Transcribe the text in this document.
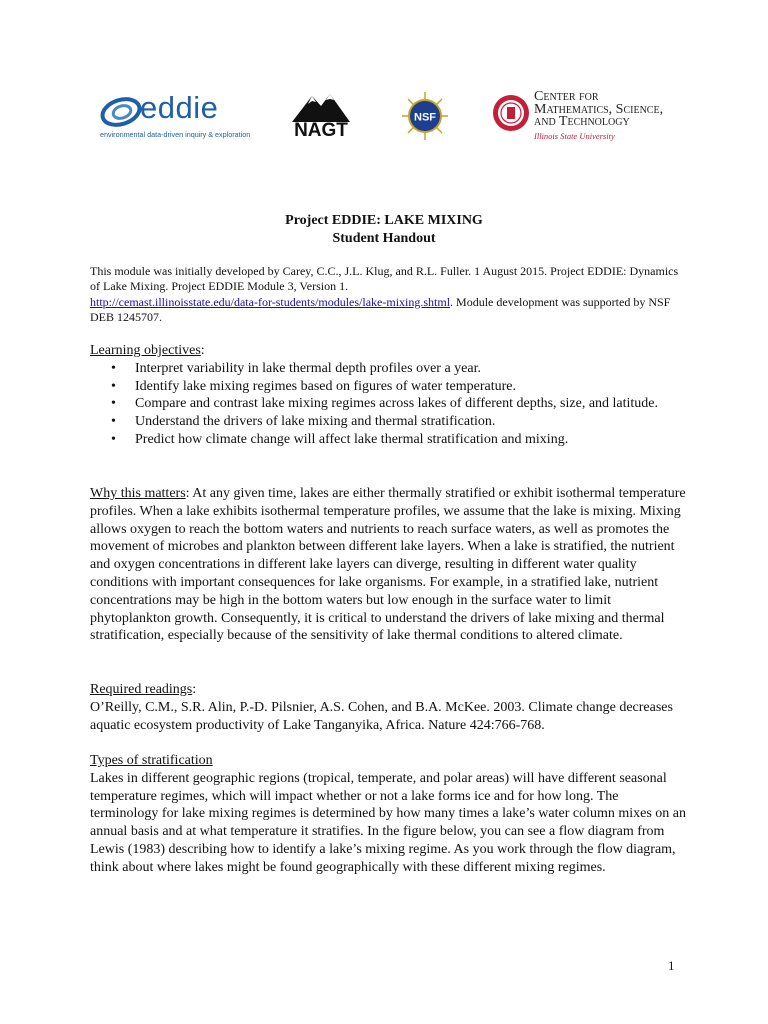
eddie
environmental data-driven inquiry & exploration	NAGT
NSF
Center for
Mathematics, Science,
and Technology
Illinois State University
Project EDDIE: LAKE MIXING
Student Handout
This module was initially developed by Carey, C.C., J.L. Klug, and R.L. Fuller. 1 August 2015. Project EDDIE: Dynamics of Lake Mixing. Project EDDIE Module 3, Version 1.
http://cemast.illinoisstate.edu/data-for-students/modules/lake-mixing.shtml. Module development was supported by NSF DEB 1245707.
Learning objectives:
• Interpret variability in lake thermal depth profiles over a year.
• Identify lake mixing regimes based on figures of water temperature.
• Compare and contrast lake mixing regimes across lakes of different depths, size, and latitude.
• Understand the drivers of lake mixing and thermal stratification.
• Predict how climate change will affect lake thermal stratification and mixing.
Why this matters: At any given time, lakes are either thermally stratified or exhibit isothermal temperature profiles. When a lake exhibits isothermal temperature profiles, we assume that the lake is mixing. Mixing allows oxygen to reach the bottom waters and nutrients to reach surface waters, as well as promotes the movement of microbes and plankton between different lake layers. When a lake is stratified, the nutrient and oxygen concentrations in different lake layers can diverge, resulting in different water quality conditions with important consequences for lake organisms. For example, in a stratified lake, nutrient concentrations may be high in the bottom waters but low enough in the surface water to limit phytoplankton growth. Consequently, it is critical to understand the drivers of lake mixing and thermal stratification, especially because of the sensitivity of lake thermal conditions to altered climate.
Required readings:
O’Reilly, C.M., S.R. Alin, P.-D. Pilsnier, A.S. Cohen, and B.A. McKee. 2003. Climate change decreases aquatic ecosystem productivity of Lake Tanganyika, Africa. Nature 424:766-768.
Types of stratification
Lakes in different geographic regions (tropical, temperate, and polar areas) will have different seasonal temperature regimes, which will impact whether or not a lake forms ice and for how long. The terminology for lake mixing regimes is determined by how many times a lake’s water column mixes on an annual basis and at what temperature it stratifies. In the figure below, you can see a flow diagram from Lewis (1983) describing how to identify a lake’s mixing regime. As you work through the flow diagram, think about where lakes might be found geographically with these different mixing regimes.
1
